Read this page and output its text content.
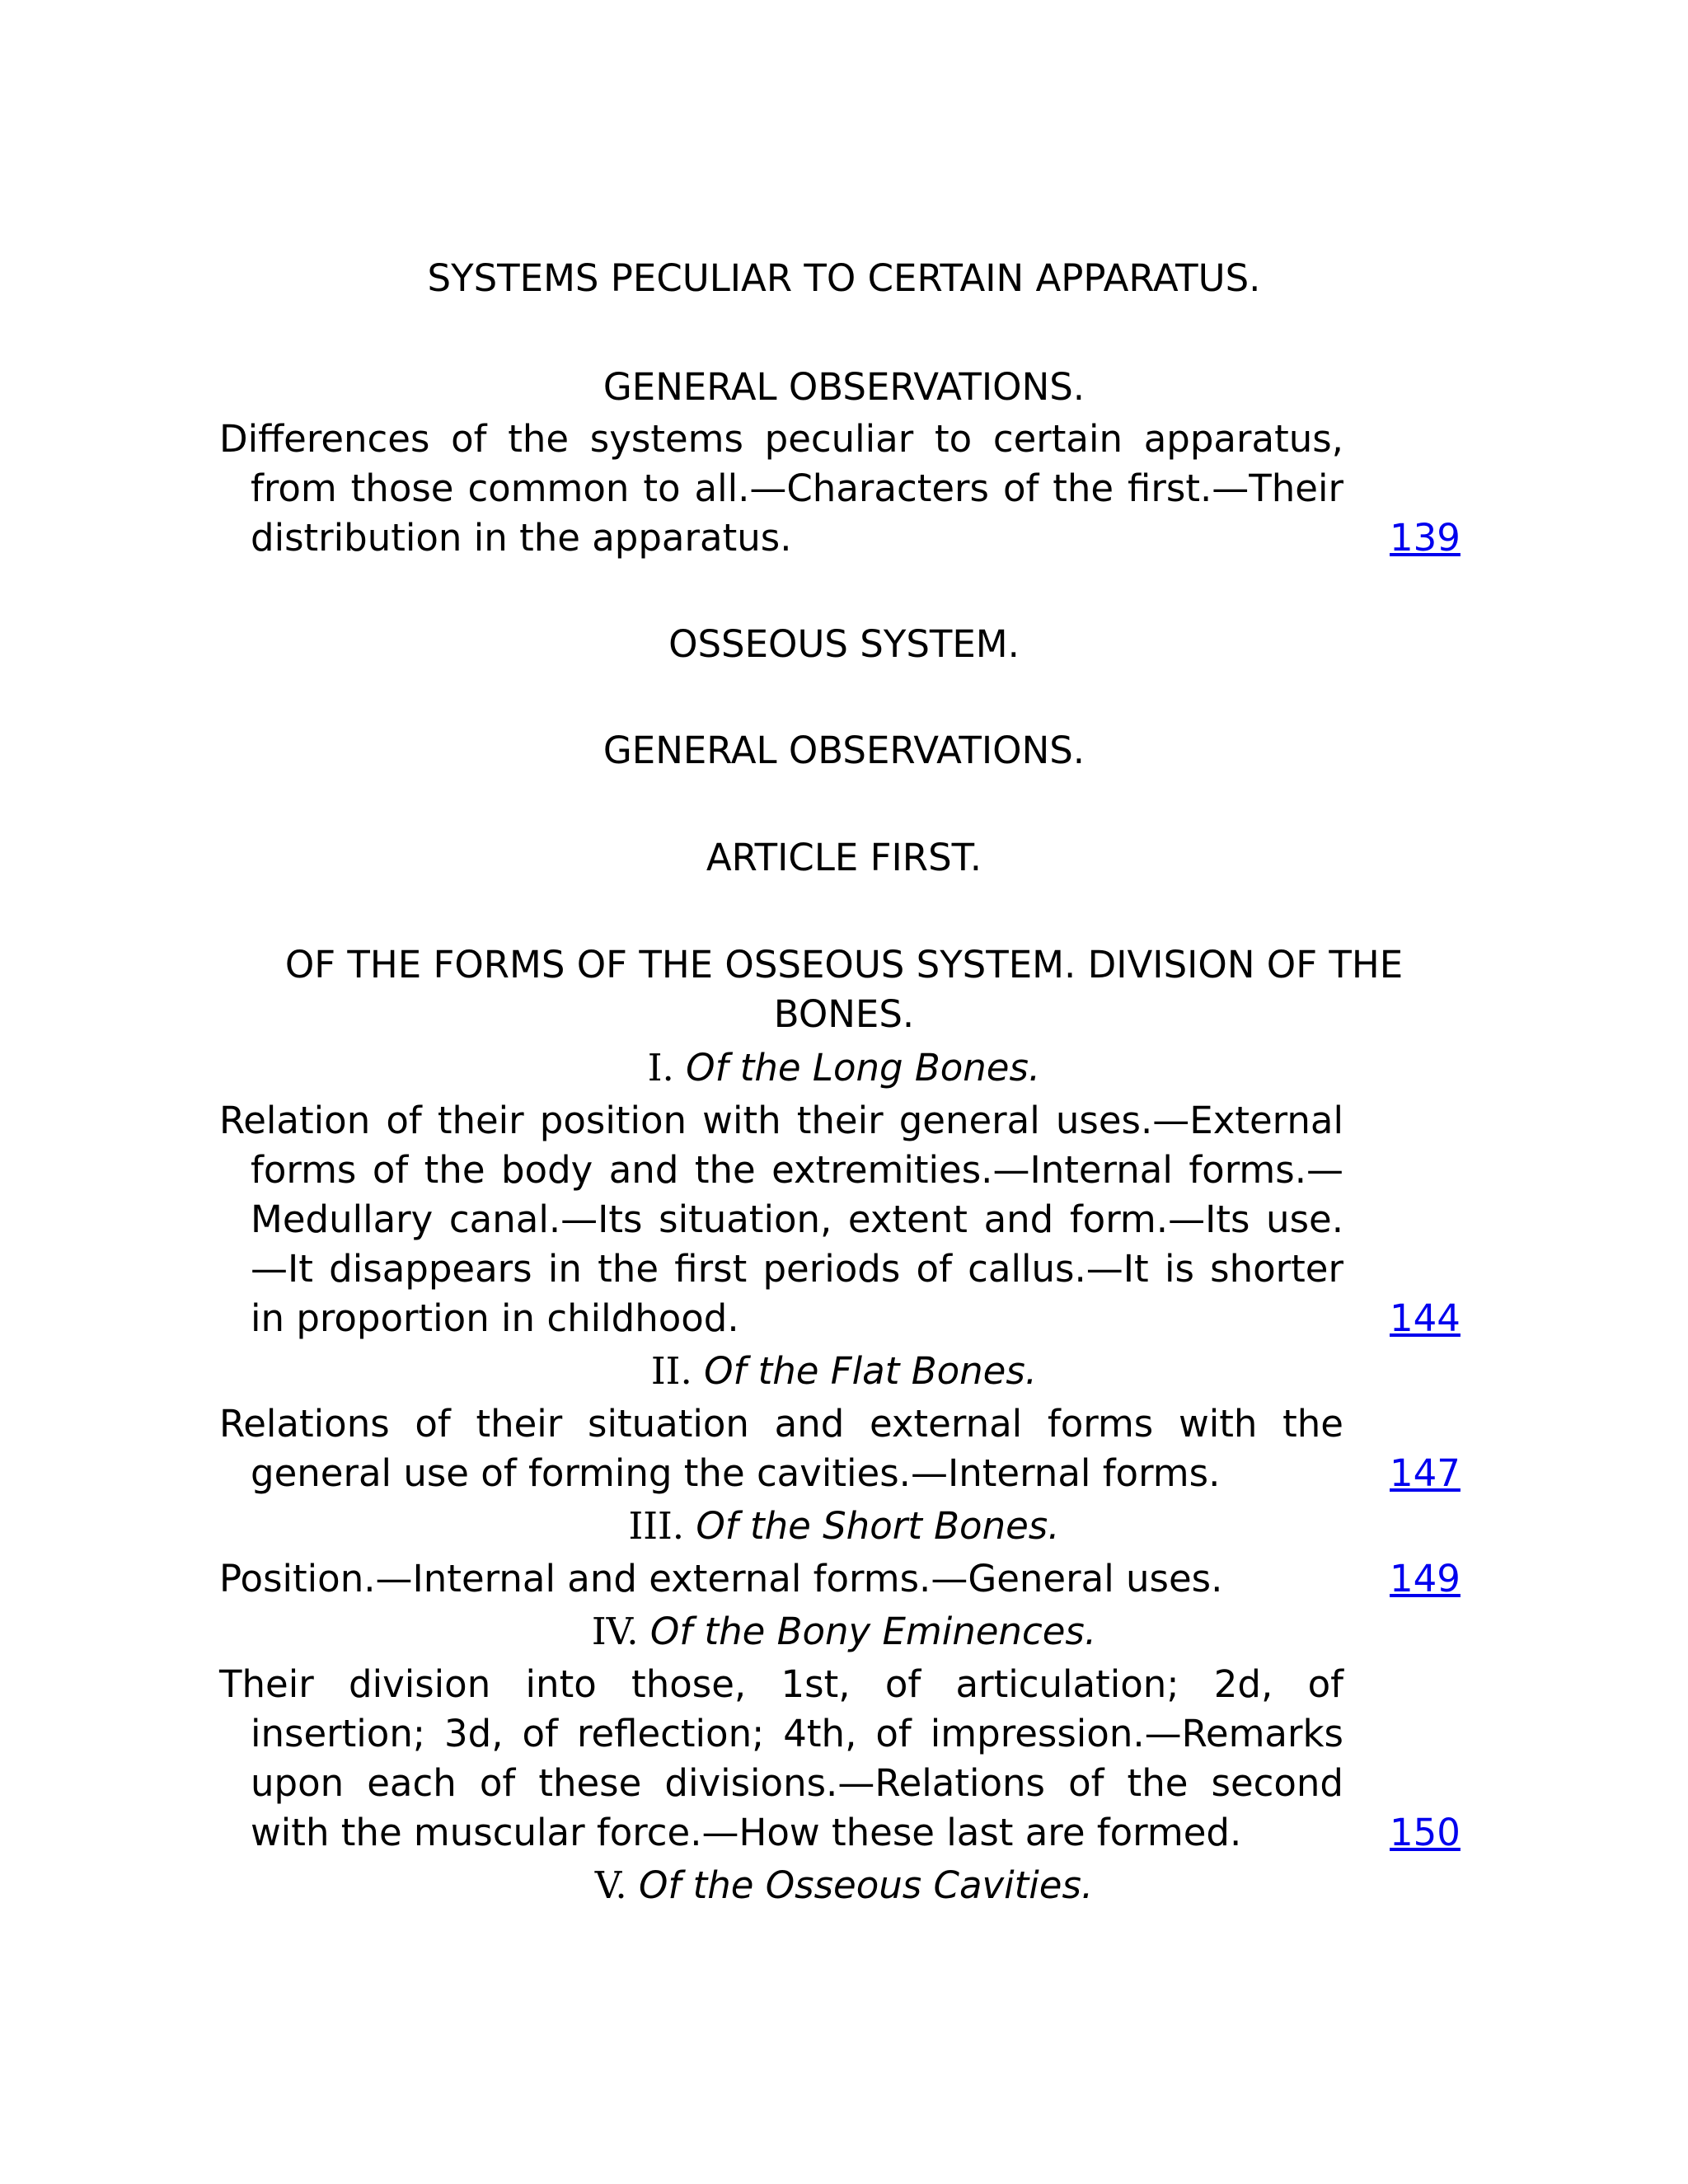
SYSTEMS PECULIAR TO CERTAIN APPARATUS.
GENERAL OBSERVATIONS.
Differences of the systems peculiar to certain apparatus, from those common to all.—Characters of the first.—Their distribution in the apparatus.	139
OSSEOUS SYSTEM.
GENERAL OBSERVATIONS.
ARTICLE FIRST.
OF THE FORMS OF THE OSSEOUS SYSTEM. DIVISION OF THE BONES.
I. Of the Long Bones.
Relation of their position with their general uses.—External forms of the body and the extremities.—Internal forms.—Medullary canal.—Its situation, extent and form.—Its use.—It disappears in the first periods of callus.—It is shorter in proportion in childhood.	144
II. Of the Flat Bones.
Relations of their situation and external forms with the general use of forming the cavities.—Internal forms.	147
III. Of the Short Bones.
Position.—Internal and external forms.—General uses.	149
IV. Of the Bony Eminences.
Their division into those, 1st, of articulation; 2d, of insertion; 3d, of reflection; 4th, of impression.—Remarks upon each of these divisions.—Relations of the second with the muscular force.—How these last are formed.	150
V. Of the Osseous Cavities.
